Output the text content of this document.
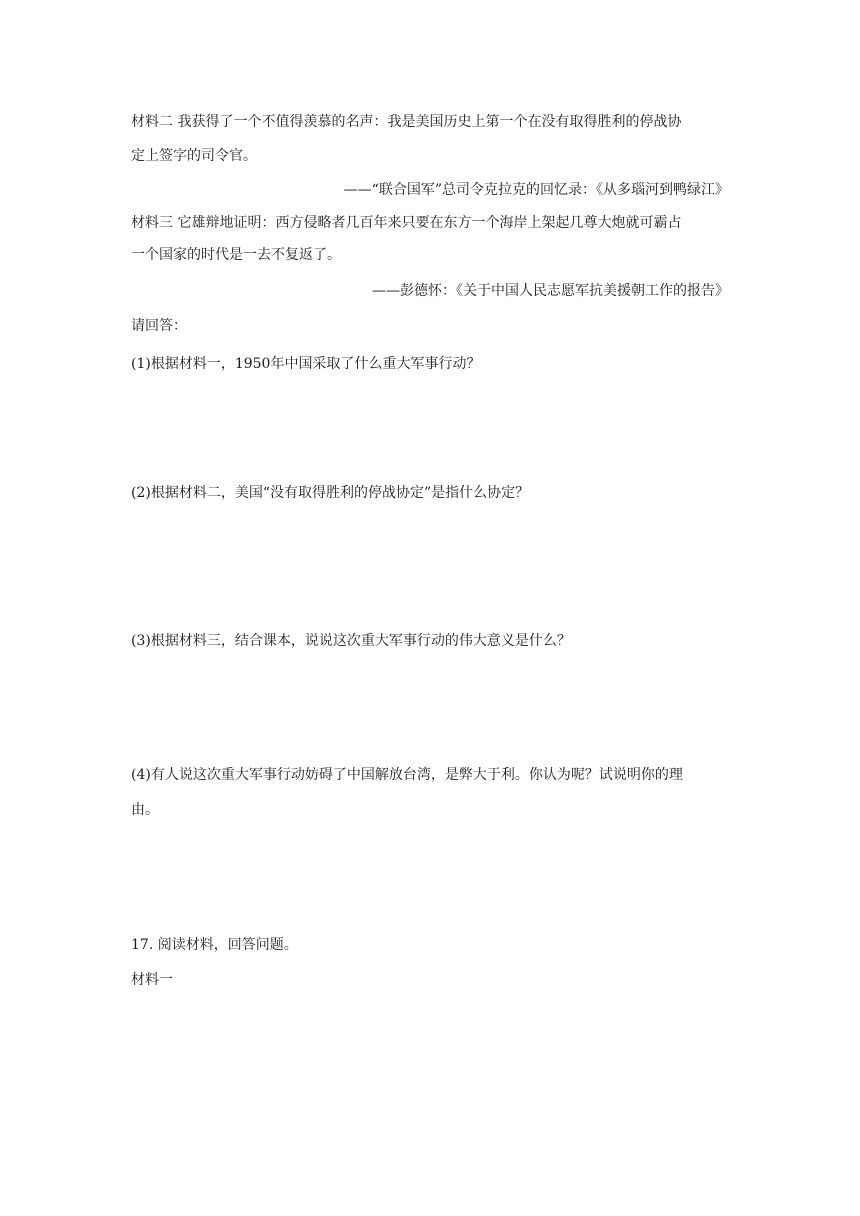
材料二 我获得了一个不值得羡慕的名声：我是美国历史上第一个在没有取得胜利的停战协
定上签字的司令官。
——“联合国军”总司令克拉克的回忆录：《从多瑙河到鸭绿江》
材料三 它雄辩地证明：西方侵略者几百年来只要在东方一个海岸上架起几尊大炮就可霸占
一个国家的时代是一去不复返了。
——彭德怀：《关于中国人民志愿军抗美援朝工作的报告》
请回答：
(1)根据材料一，1950年中国采取了什么重大军事行动？
(2)根据材料二，美国“没有取得胜利的停战协定”是指什么协定？
(3)根据材料三，结合课本，说说这次重大军事行动的伟大意义是什么？
(4)有人说这次重大军事行动妨碍了中国解放台湾，是弊大于利。你认为呢？试说明你的理
由。
17. 阅读材料，回答问题。
材料一
